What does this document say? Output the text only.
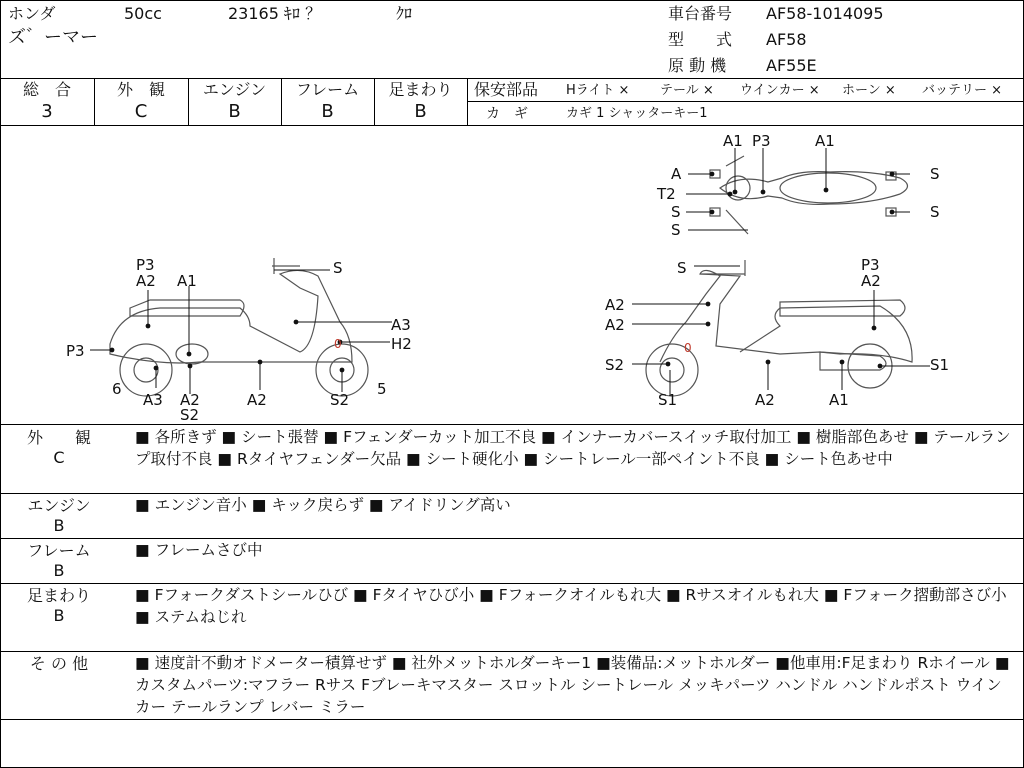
ホンダ	50cc	23165 ｷﾛ ？	ｸﾛ
ズ゛ーマー
車台番号 AF58-1014095
型　　式 AF58
原 動 機 AF55E
総　合
3
外　観
C
エンジン
B
フレーム
B
足まわり
B
保安部品 Hライト × テール × ウインカー × ホーン × バッテリー ×
カ　ギ	カギ 1 シャッターキー1
0	0
A1 P3	A1
A
T2
S
S
S
S
P3
A2 A1
S
A3
H2
P3
6
A3 A2
S2
A2	S2
5
S	P3
A2
A2
A2
S2
S1	A2	A1
S1
外　　観
C
■ 各所きず ■ シート張替 ■ Fフェンダーカット加工不良 ■ インナーカバースイッチ取付加工 ■ 樹脂部色あせ ■ テールランプ取付不良 ■ Rタイヤフェンダー欠品 ■ シート硬化小 ■ シートレール一部ペイント不良 ■ シート色あせ中
エンジン
B
■ エンジン音小 ■ キック戻らず ■ アイドリング高い
フレーム
B
■ フレームさび中
足まわり
B
■ Fフォークダストシールひび ■ Fタイヤひび小 ■ Fフォークオイルもれ大 ■ Rサスオイルもれ大 ■ Fフォーク摺動部さび小 ■ ステムねじれ
そ の 他	■ 速度計不動オドメーター積算せず ■ 社外メットホルダーキー1 ■装備品:メットホルダー ■他車用:F足まわり Rホイール ■カスタムパーツ:マフラー Rサス Fブレーキマスター スロットル シートレール メッキパーツ ハンドル ハンドルポスト ウインカー テールランプ レバー ミラー
